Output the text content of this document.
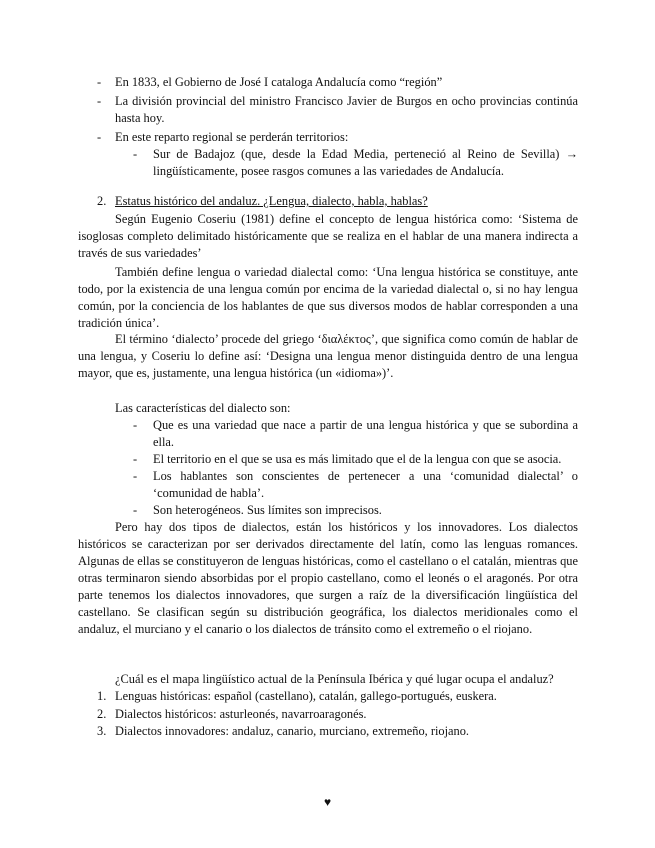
- En 1833, el Gobierno de José I cataloga Andalucía como “región”

- La división provincial del ministro Francisco Javier de Burgos en ocho provincias continúa hasta hoy.

- En este reparto regional se perderán territorios:

- Sur de Badajoz (que, desde la Edad Media, perteneció al Reino de Sevilla) → lingüísticamente, posee rasgos comunes a las variedades de Andalucía.

2. Estatus histórico del andaluz. ¿Lengua, dialecto, habla, hablas?

Según Eugenio Coseriu (1981) define el concepto de lengua histórica como: ‘Sistema de isoglosas completo delimitado históricamente que se realiza en el hablar de una manera indirecta a través de sus variedades’

También define lengua o variedad dialectal como: ‘Una lengua histórica se constituye, ante todo, por la existencia de una lengua común por encima de la variedad dialectal o, si no hay lengua común, por la conciencia de los hablantes de que sus diversos modos de hablar corresponden a una tradición única’.

El término ‘dialecto’ procede del griego ‘διαλέκτος’, que significa como común de hablar de una lengua, y Coseriu lo define así: ‘Designa una lengua menor distinguida dentro de una lengua mayor, que es, justamente, una lengua histórica (un «idioma»)’.

Las características del dialecto son:

- Que es una variedad que nace a partir de una lengua histórica y que se subordina a ella.

- El territorio en el que se usa es más limitado que el de la lengua con que se asocia.

- Los hablantes son conscientes de pertenecer a una ‘comunidad dialectal’ o ‘comunidad de habla’.

- Son heterogéneos. Sus límites son imprecisos.

Pero hay dos tipos de dialectos, están los históricos y los innovadores. Los dialectos históricos se caracterizan por ser derivados directamente del latín, como las lenguas romances. Algunas de ellas se constituyeron de lenguas históricas, como el castellano o el catalán, mientras que otras terminaron siendo absorbidas por el propio castellano, como el leonés o el aragonés. Por otra parte tenemos los dialectos innovadores, que surgen a raíz de la diversificación lingüística del castellano. Se clasifican según su distribución geográfica, los dialectos meridionales como el andaluz, el murciano y el canario o los dialectos de tránsito como el extremeño o el riojano.

¿Cuál es el mapa lingüístico actual de la Península Ibérica y qué lugar ocupa el andaluz?

1. Lenguas históricas: español (castellano), catalán, gallego-portugués, euskera.

2. Dialectos históricos: asturleonés, navarroaragonés.

3. Dialectos innovadores: andaluz, canario, murciano, extremeño, riojano.

♥
